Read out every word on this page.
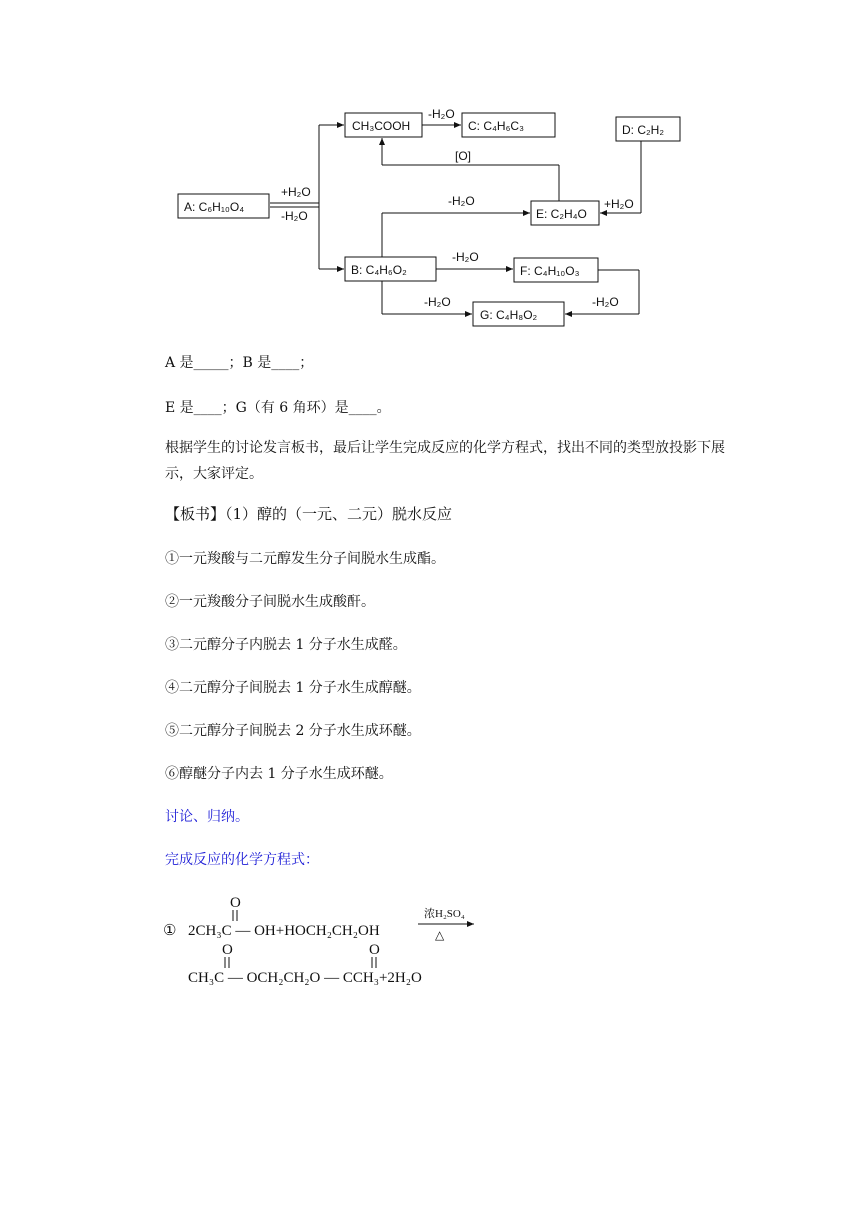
CH₃COOH	C: C₄H₆C₃	D: C₂H₂
A: C₆H₁₀O₄	E: C₂H₄O
B: C₄H₆O₂	F: C₄H₁₀O₃
G: C₄H₈O₂
+H₂O
-H₂O
-H₂O
[O]
+H₂O
-H₂O
-H₂O
-H₂O	-H₂O
A 是_____；B 是____；
E 是____；G（有 6 角环）是____。
根据学生的讨论发言板书，最后让学生完成反应的化学方程式，找出不同的类型放投影下展示，大家评定。
【板书】（1）醇的（一元、二元）脱水反应
①一元羧酸与二元醇发生分子间脱水生成酯。
②一元羧酸分子间脱水生成酸酐。
③二元醇分子内脱去 1 分子水生成醛。
④二元醇分子间脱去 1 分子水生成醇醚。
⑤二元醇分子间脱去 2 分子水生成环醚。
⑥醇醚分子内去 1 分子水生成环醚。
讨论、归纳。
完成反应的化学方程式：
① 2CH₃C — OH+HOCH₂CH₂OH
O
浓H₂SO₄
△
CH₃C — OCH₂CH₂O — CCH₃+2H₂O
O	O
